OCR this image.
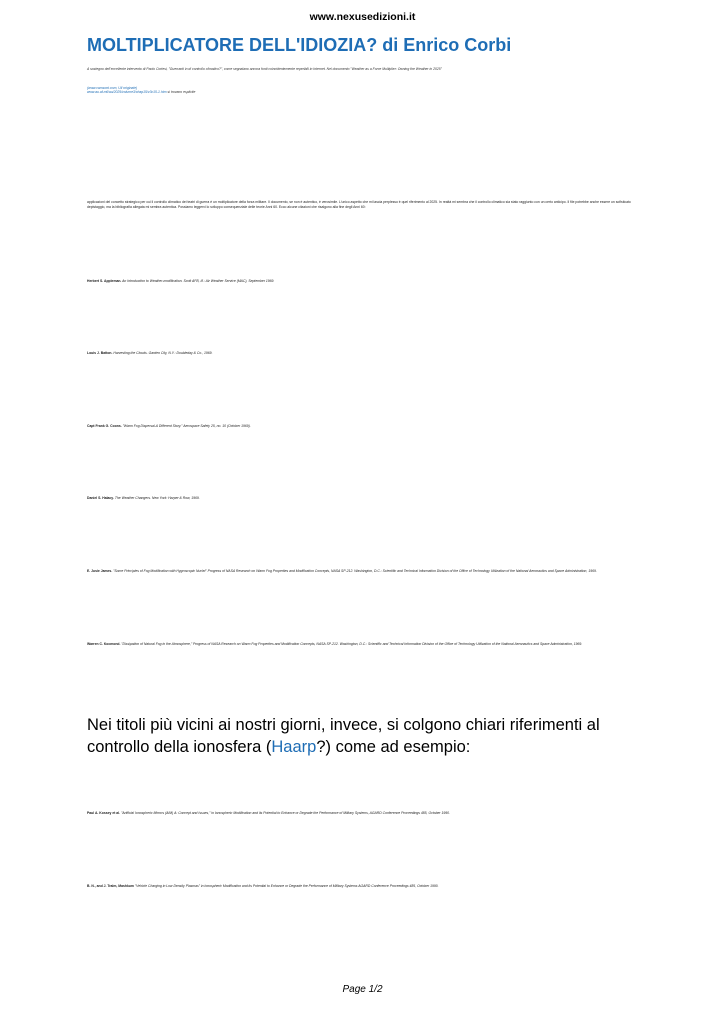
www.nexusedizioni.it
MOLTIPLICATORE DELL'IDIOZIA? di Enrico Corbi
A sostegno dell'eccellente intervento di Paolo Cortesi, "Guerranti in di controllo climatico?", come segnalano ancora fonti coincidentemente reperibili in Internet. Nel documento "Weather as a Force Multiplier: Owning the Weather in 2025"
(www.camsont.com, Ull originale)
www.au.af.mil/au/2025/volume3/chap15/v3c15-1.htm si trovano esplicite
applicazioni del concetto strategico per cui il controllo climatico dei teatri di guerra è un moltiplicatore della forza militare. Il documento, se non è autentico, è verosimile. L'unico aspetto che mi lascia perplesso è quel riferimento al 2025. In realtà mi sembra che il controllo climatico sia stato raggiunto con un certo anticipo. Il file potrebbe anche essere un sofisticato depistaggio, ma la bibliografia allegata mi sembra autentica. Possiamo leggervi lo sviluppo consequenziale delle teorie Anni 60. Ecco alcune citazioni che risalgono alla fine degli Anni 60:
Herbert S. Appleman. An Introduction to Weather-modification. Scott AFB, Ill.: Air Weather Service (MAC), September 1969.
Louis J. Batton. Harvesting the Clouds. Garden City, N.Y.: Doubleday & Co., 1969.
Capt Frank G. Coons. "Warm Fog Dispersal-A Different Story." Aerospace Safety 25, no. 10 (October 1969).
Daniel S. Halacy. The Weather Changers. New York: Harper & Row, 1969.
E. Jusie James. "Some Principles of Fog Modification with Hygroscopic Nuclei" Progress of NASA Research on Warm Fog Properties and Modification Concepts, NASA SP-212. Washington, D.C.: Scientific and Technical Information Division of the Office of Technology Utilization of the National Aeronautics and Space Administration, 1969.
Warren C. Kocmond. "Dissipation of Natural Fog in the Atmosphere," Progress of NASA Research on Warm Fog Properties and Modification Concepts, NASA SP-212. Washington, D.C.: Scientific and Technical Information Division of the Office of Technology Utilization of the National Aeronautics and Space Administration, 1969.

Nei titoli più vicini ai nostri giorni, invece, si colgono chiari riferimenti al controllo della ionosfera (Haarp?) come ad esempio:

Paul A. Kossey et al. "Artificial Ionospheric Mirrors (AIM) A: Concept and Issues," in Ionospheric Modification and its Potential to Enhance or Degrade the Performance of Military Systems, AGARD Conference Proceedings 485, October 1990.
B. N., and J. Tralm, Mashkum "Vehicle Charging in Low Density Plasmas" in Ionospheric Modification and its Potential to Enhance or Degrade the Performance of Military Systems AGARD Conference Proceedings 485, October 1990.
Page 1/2
